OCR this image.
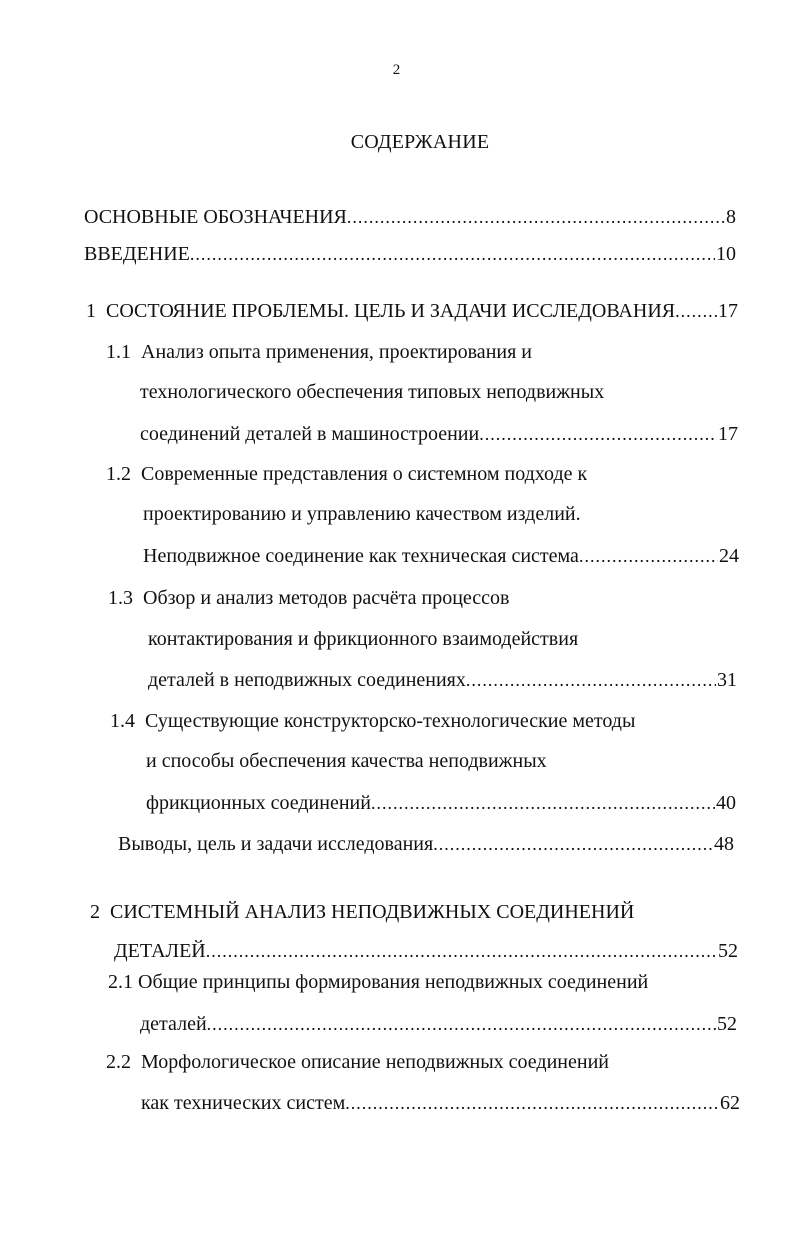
2
СОДЕРЖАНИЕ
ОСНОВНЫЕ ОБОЗНАЧЕНИЯ .....	8
ВВЕДЕНИЕ .....	10
1 СОСТОЯНИЕ ПРОБЛЕМЫ. ЦЕЛЬ И ЗАДАЧИ ИССЛЕДОВАНИЯ ..... 17
1.1 Анализ опыта применения, проектирования и
технологического обеспечения типовых неподвижных
соединений деталей в машиностроении .....	17
1.2 Современные представления о системном подходе к
проектированию и управлению качеством изделий.
Неподвижное соединение как техническая система .....	24
1.3 Обзор и анализ методов расчёта процессов
контактирования и фрикционного взаимодействия
деталей в неподвижных соединениях .....	31
1.4 Существующие конструкторско-технологические методы
и способы обеспечения качества неподвижных
фрикционных соединений .....	40
Выводы, цель и задачи исследования .....	48
2 СИСТЕМНЫЙ АНАЛИЗ НЕПОДВИЖНЫХ СОЕДИНЕНИЙ
ДЕТАЛЕЙ .....	52
2.1 Общие принципы формирования неподвижных соединений
деталей .....	52
2.2 Морфологическое описание неподвижных соединений
как технических систем .....	62
